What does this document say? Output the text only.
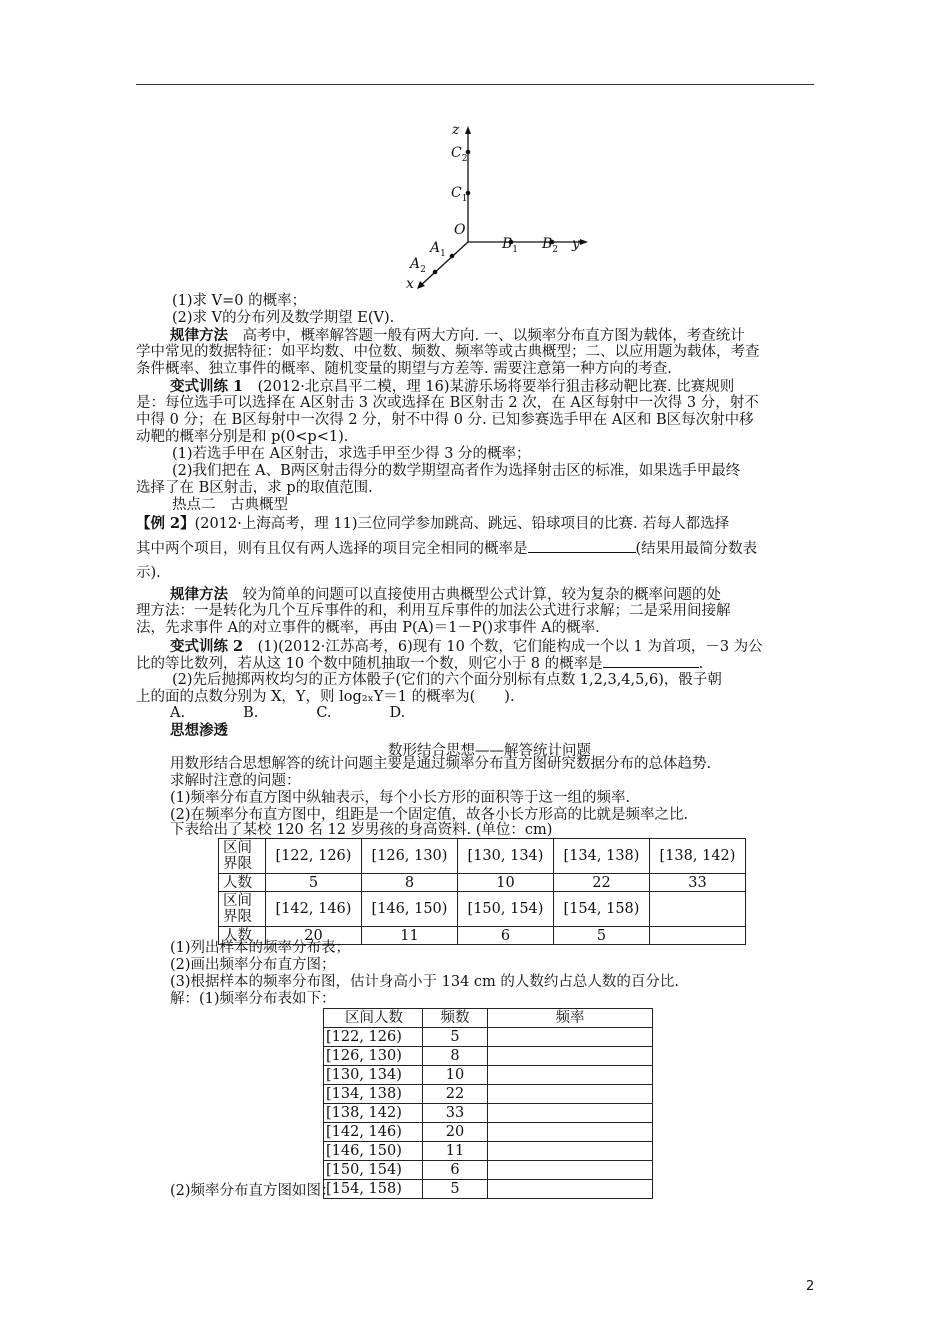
z
$C_2$
$C_1$
O
$B_1$ $B_2$ y
$A_1$
$A_2$
x
(1)求 V=0 的概率；
(2)求 V的分布列及数学期望 E(V).
规律方法　高考中，概率解答题一般有两大方向. 一、以频率分布直方图为载体，考查统计
学中常见的数据特征：如平均数、中位数、频数、频率等或古典概型；二、以应用题为载体，考查
条件概率、独立事件的概率、随机变量的期望与方差等. 需要注意第一种方向的考查.
变式训练 1　(2012·北京昌平二模，理 16)某游乐场将要举行狙击移动靶比赛. 比赛规则
是：每位选手可以选择在 A区射击 3 次或选择在 B区射击 2 次，在 A区每射中一次得 3 分，射不
中得 0 分；在 B区每射中一次得 2 分，射不中得 0 分. 已知参赛选手甲在 A区和 B区每次射中移
动靶的概率分别是和 p(0<p<1).
(1)若选手甲在 A区射击，求选手甲至少得 3 分的概率；
(2)我们把在 A、B两区射击得分的数学期望高者作为选择射击区的标准，如果选手甲最终
选择了在 B区射击，求 p的取值范围.
热点二　古典概型
【例 2】(2012·上海高考，理 11)三位同学参加跳高、跳远、铅球项目的比赛. 若每人都选择
其中两个项目，则有且仅有两人选择的项目完全相同的概率是	(结果用最简分数表
示).
规律方法　较为简单的问题可以直接使用古典概型公式计算，较为复杂的概率问题的处
理方法：一是转化为几个互斥事件的和，利用互斥事件的加法公式进行求解；二是采用间接解
法，先求事件 A的对立事件的概率，再由 P(A)＝1－P()求事件 A的概率.
变式训练 2　(1)(2012·江苏高考，6)现有 10 个数，它们能构成一个以 1 为首项，－3 为公
比的等比数列，若从这 10 个数中随机抽取一个数，则它小于 8 的概率是	.
(2)先后抛掷两枚均匀的正方体骰子(它们的六个面分别标有点数 1,2,3,4,5,6)，骰子朝
上的面的点数分别为 X，Y，则 log₂ₓY＝1 的概率为(　　).
A.　　　　B.　　　　C.　　　　D.
思想渗透
数形结合思想——解答统计问题
用数形结合思想解答的统计问题主要是通过频率分布直方图研究数据分布的总体趋势.
求解时注意的问题：
(1)频率分布直方图中纵轴表示，每个小长方形的面积等于这一组的频率.
(2)在频率分布直方图中，组距是一个固定值，故各小长方形高的比就是频率之比.
下表给出了某校 120 名 12 岁男孩的身高资料. (单位：cm)
区间
界限	[122, 126)	[126, 130)	[130, 134)	[134, 138)	[138, 142)
人数	5	8	10	22	33
区间
界限	[142, 146)	[146, 150)	[150, 154)	[154, 158)	
人数	20	11	6	5	
(1)列出样本的频率分布表；
(2)画出频率分布直方图；
(3)根据样本的频率分布图，估计身高小于 134 cm 的人数约占总人数的百分比.
解：(1)频率分布表如下：
区间人数	频数	频率
[122, 126)	5	
[126, 130)	8	
[130, 134)	10	
[134, 138)	22	
[138, 142)	33	
[142, 146)	20	
[146, 150)	11	
[150, 154)	6	
[154, 158)	5	
(2)频率分布直方图如图：
2
